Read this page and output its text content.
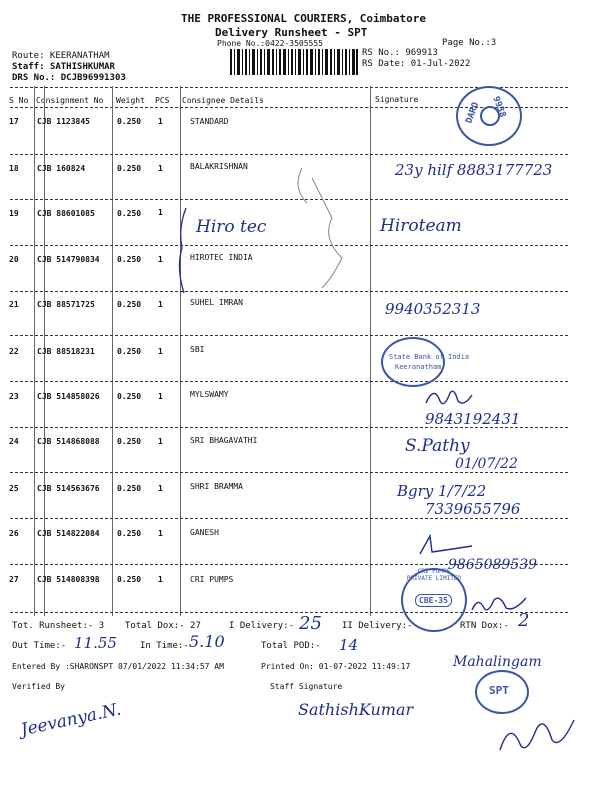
THE PROFESSIONAL COURIERS, Coimbatore
Delivery Runsheet - SPT
Phone No.:0422-3505555	Page No.:3
Route: KEERANATHAM
Staff: SATHISHKUMAR
DRS No.: DCJB96991303
RS No.: 969913
RS Date: 01-Jul-2022
S No Consignment No Weight PCS Consignee Details	Signature
17 CJB 1123845	0.250 1	STANDARD
18 CJB 160824	0.250 1	BALAKRISHNAN
19 CJB 88601085	0.250 1
20 CJB 514790834 0.250 1	HIROTEC INDIA
21 CJB 88571725	0.250 1	SUHEL IMRAN
22 CJB 88518231	0.250 1	SBI
23 CJB 514858026 0.250 1	MYLSWAMY
24 CJB 514868088 0.250 1	SRI BHAGAVATHI
25 CJB 514563676 0.250 1	SHRI BRAMMA
26 CJB 514822084 0.250 1	GANESH
27 CJB 514808398 0.250 1	CRI PUMPS
DARO 9938
23y hilf 8883177723
Hiro tec	Hiroteam
9940352313
State Bank of India
Keeranatham
9843192431
S.Pathy
01/07/22
Bgry 1/7/22
7339655796
9865089539
CRI PUMPS PRIVATE LIMITED
CBE-35
Tot. Runsheet:- 3 Total Dox:- 27	I Delivery:- 25 II Delivery:-	RTN Dox:- 2
Out Time:- 11.55	In Time:- 5.10	Total POD:- 14
Entered By :SHARONSPT 07/01/2022 11:34:57 AM	Printed On: 01-07-2022 11:49:17	Mahalingam
Verified By	Staff Signature	SPT
Jeevanya.N.	SathishKumar
